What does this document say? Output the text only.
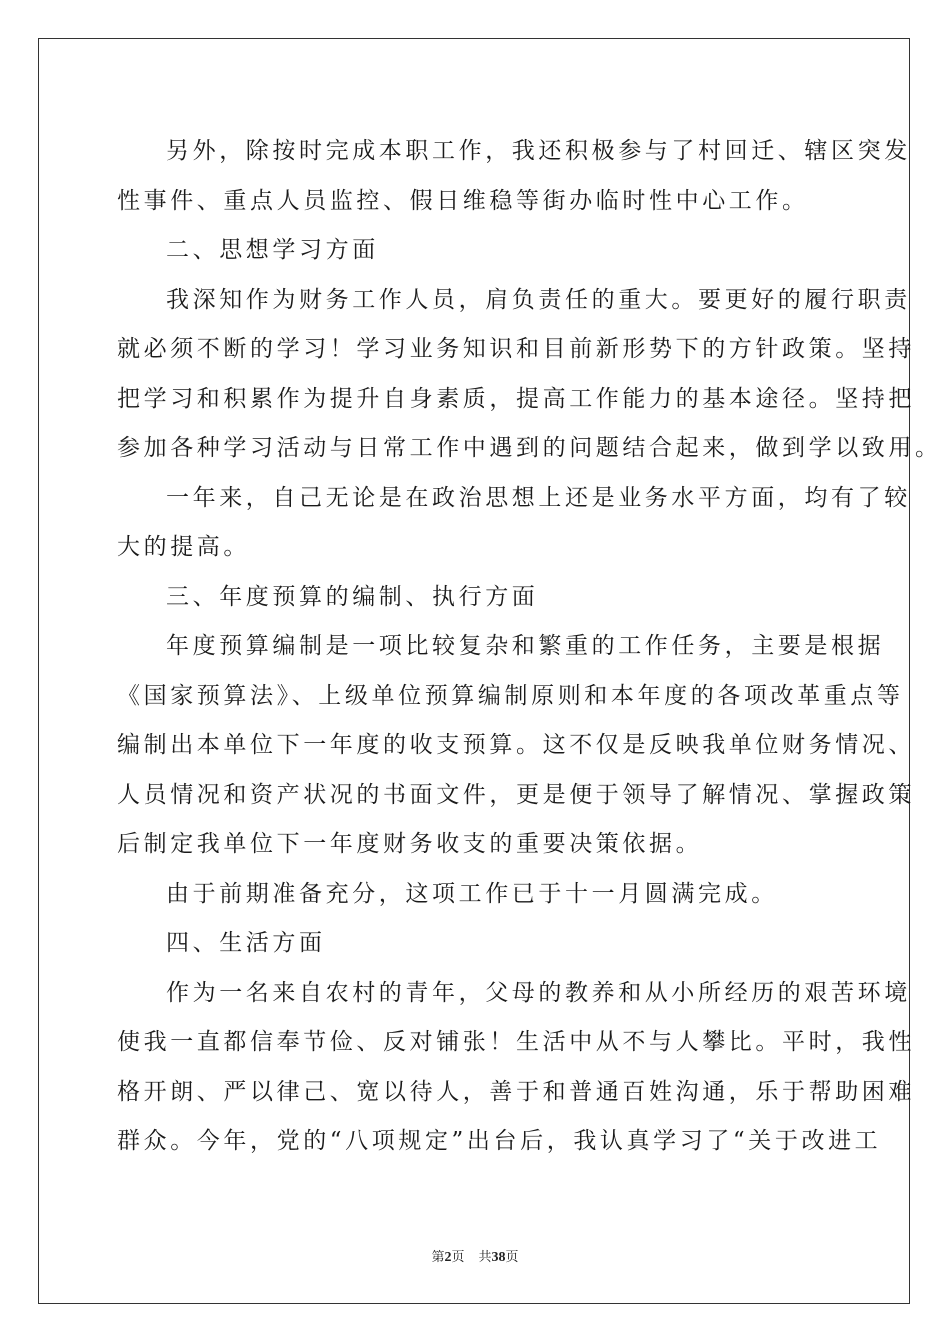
另外，除按时完成本职工作，我还积极参与了村回迁、辖区突发
性事件、重点人员监控、假日维稳等街办临时性中心工作。
二、思想学习方面
我深知作为财务工作人员，肩负责任的重大。要更好的履行职责
就必须不断的学习！学习业务知识和目前新形势下的方针政策。坚持
把学习和积累作为提升自身素质，提高工作能力的基本途径。坚持把
参加各种学习活动与日常工作中遇到的问题结合起来，做到学以致用。
一年来，自己无论是在政治思想上还是业务水平方面，均有了较
大的提高。
三、年度预算的编制、执行方面
年度预算编制是一项比较复杂和繁重的工作任务，主要是根据
《国家预算法》、上级单位预算编制原则和本年度的各项改革重点等
编制出本单位下一年度的收支预算。这不仅是反映我单位财务情况、
人员情况和资产状况的书面文件，更是便于领导了解情况、掌握政策
后制定我单位下一年度财务收支的重要决策依据。
由于前期准备充分，这项工作已于十一月圆满完成。
四、生活方面
作为一名来自农村的青年，父母的教养和从小所经历的艰苦环境
使我一直都信奉节俭、反对铺张！生活中从不与人攀比。平时，我性
格开朗、严以律己、宽以待人，善于和普通百姓沟通，乐于帮助困难
群众。今年，党的“八项规定”出台后，我认真学习了“关于改进工
第2页 共38页
